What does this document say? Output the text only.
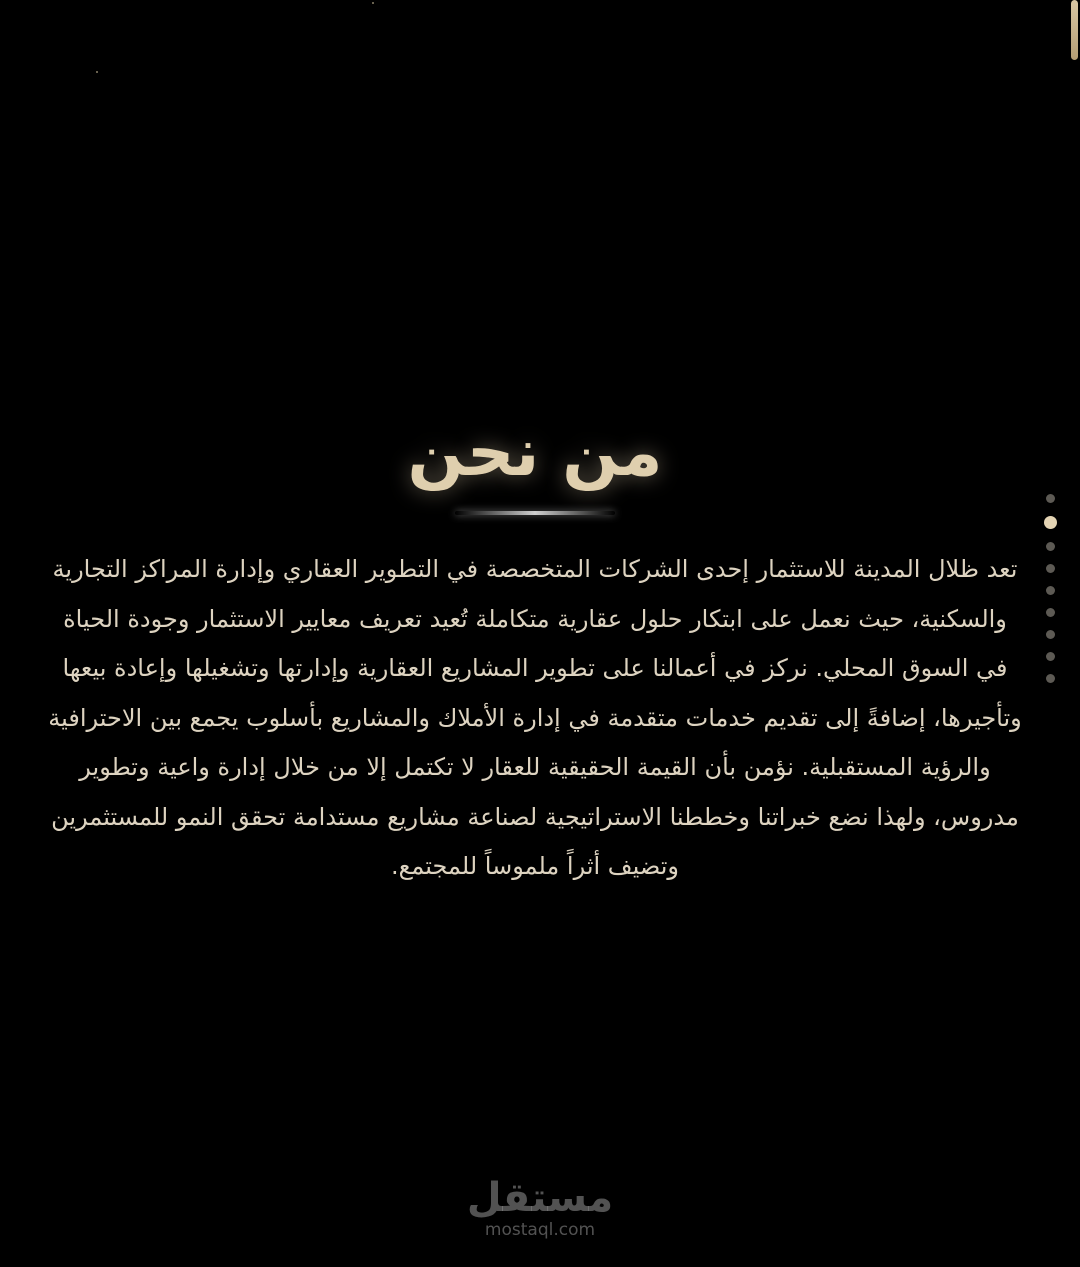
من نحن

تعد ظلال المدينة للاستثمار إحدى الشركات المتخصصة في التطوير العقاري وإدارة المراكز التجارية والسكنية، حيث نعمل على ابتكار حلول عقارية متكاملة تُعيد تعريف معايير الاستثمار وجودة الحياة في السوق المحلي. نركز في أعمالنا على تطوير المشاريع العقارية وإدارتها وتشغيلها وإعادة بيعها وتأجيرها، إضافةً إلى تقديم خدمات متقدمة في إدارة الأملاك والمشاريع بأسلوب يجمع بين الاحترافية والرؤية المستقبلية. نؤمن بأن القيمة الحقيقية للعقار لا تكتمل إلا من خلال إدارة واعية وتطوير مدروس، ولهذا نضع خبراتنا وخططنا الاستراتيجية لصناعة مشاريع مستدامة تحقق النمو للمستثمرين وتضيف أثراً ملموساً للمجتمع.

مستقل
mostaql.com
